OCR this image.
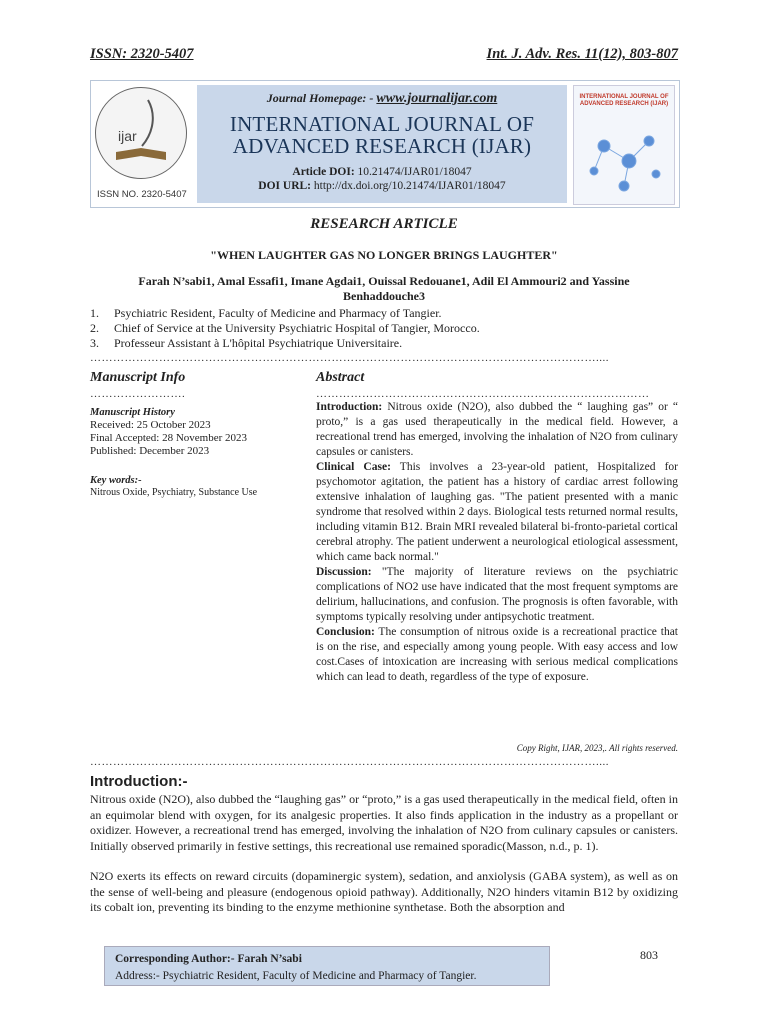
ISSN: 2320-5407	Int. J. Adv. Res. 11(12), 803-807
ijar
ISSN NO. 2320-5407
Journal Homepage: - www.journalijar.com
INTERNATIONAL JOURNAL OF
ADVANCED RESEARCH (IJAR)
Article DOI: 10.21474/IJAR01/18047
DOI URL: http://dx.doi.org/10.21474/IJAR01/18047
INTERNATIONAL JOURNAL OF ADVANCED RESEARCH (IJAR)
RESEARCH ARTICLE
"WHEN LAUGHTER GAS NO LONGER BRINGS LAUGHTER"
Farah N’sabi1, Amal Essafi1, Imane Agdai1, Ouissal Redouane1, Adil El Ammouri2 and Yassine Benhaddouche3
1.	Psychiatric Resident, Faculty of Medicine and Pharmacy of Tangier.
2.	Chief of Service at the University Psychiatric Hospital of Tangier, Morocco.
3.	Professeur Assistant à L'hôpital Psychiatrique Universitaire.
……………………………………………………………………………………………………………………....
Manuscript Info
…………………….
Manuscript History
Received: 25 October 2023
Final Accepted: 28 November 2023
Published: December 2023
Key words:-
Nitrous Oxide, Psychiatry, Substance Use
Abstract
……………………………………………………………………………

Introduction: Nitrous oxide (N2O), also dubbed the “ laughing gas” or “ proto,” is a gas used therapeutically in the medical field. However, a recreational trend has emerged, involving the inhalation of N2O from culinary capsules or canisters.

Clinical Case: This involves a 23-year-old patient, Hospitalized for psychomotor agitation, the patient has a history of cardiac arrest following extensive inhalation of laughing gas. "The patient presented with a manic syndrome that resolved within 2 days. Biological tests returned normal results, including vitamin B12. Brain MRI revealed bilateral bi-fronto-parietal cortical cerebral atrophy. The patient underwent a neurological etiological assessment, which came back normal."

Discussion: "The majority of literature reviews on the psychiatric complications of NO2 use have indicated that the most frequent symptoms are delirium, hallucinations, and confusion. The prognosis is often favorable, with symptoms typically resolving under antipsychotic treatment.

Conclusion: The consumption of nitrous oxide is a recreational practice that is on the rise, and especially among young people. With easy access and low cost.Cases of intoxication are increasing with serious medical complications which can lead to death, regardless of the type of exposure.

Copy Right, IJAR, 2023,. All rights reserved.
……………………………………………………………………………………………………………………....
Introduction:-

Nitrous oxide (N2O), also dubbed the “laughing gas” or “proto,” is a gas used therapeutically in the medical field, often in an equimolar blend with oxygen, for its analgesic properties. It also finds application in the industry as a propellant or oxidizer. However, a recreational trend has emerged, involving the inhalation of N2O from culinary capsules or canisters. Initially observed primarily in festive settings, this recreational use remained sporadic(Masson, n.d., p. 1).

N2O exerts its effects on reward circuits (dopaminergic system), sedation, and anxiolysis (GABA system), as well as on the sense of well-being and pleasure (endogenous opioid pathway). Additionally, N2O hinders vitamin B12 by oxidizing its cobalt ion, preventing its binding to the enzyme methionine synthetase. Both the absorption and

Corresponding Author:- Farah N’sabi
Address:- Psychiatric Resident, Faculty of Medicine and Pharmacy of Tangier.
803
